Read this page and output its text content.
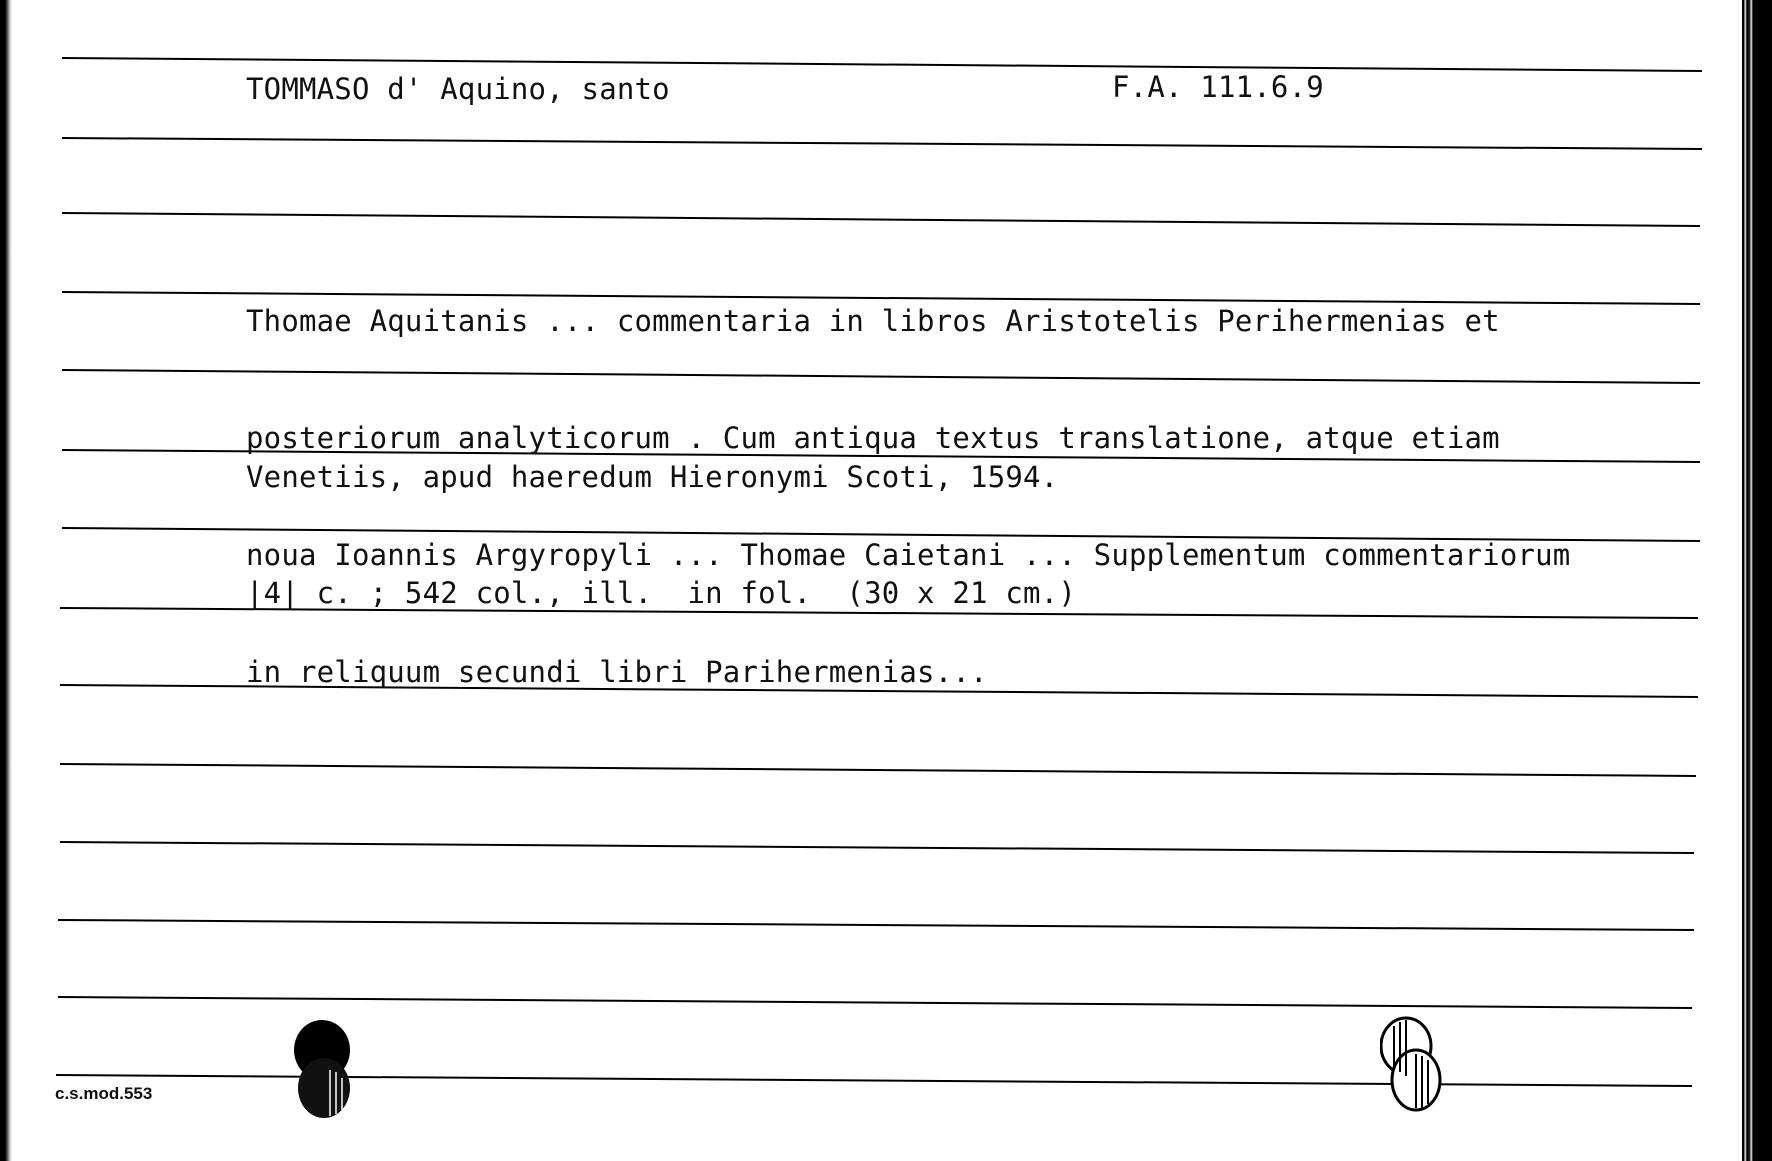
TOMMASO d' Aquino, santo	F.A. 111.6.9

Thomae Aquitanis ... commentaria in libros Aristotelis Perihermenias et

posteriorum analyticorum . Cum antiqua textus translatione, atque etiam

noua Ioannis Argyropyli ... Thomae Caietani ... Supplementum commentariorum

in reliquum secundi libri Parihermenias...

Venetiis, apud haeredum Hieronymi Scoti, 1594.
|4| c. ; 542 col., ill.  in fol.  (30 x 21 cm.)
c.s.mod.553
